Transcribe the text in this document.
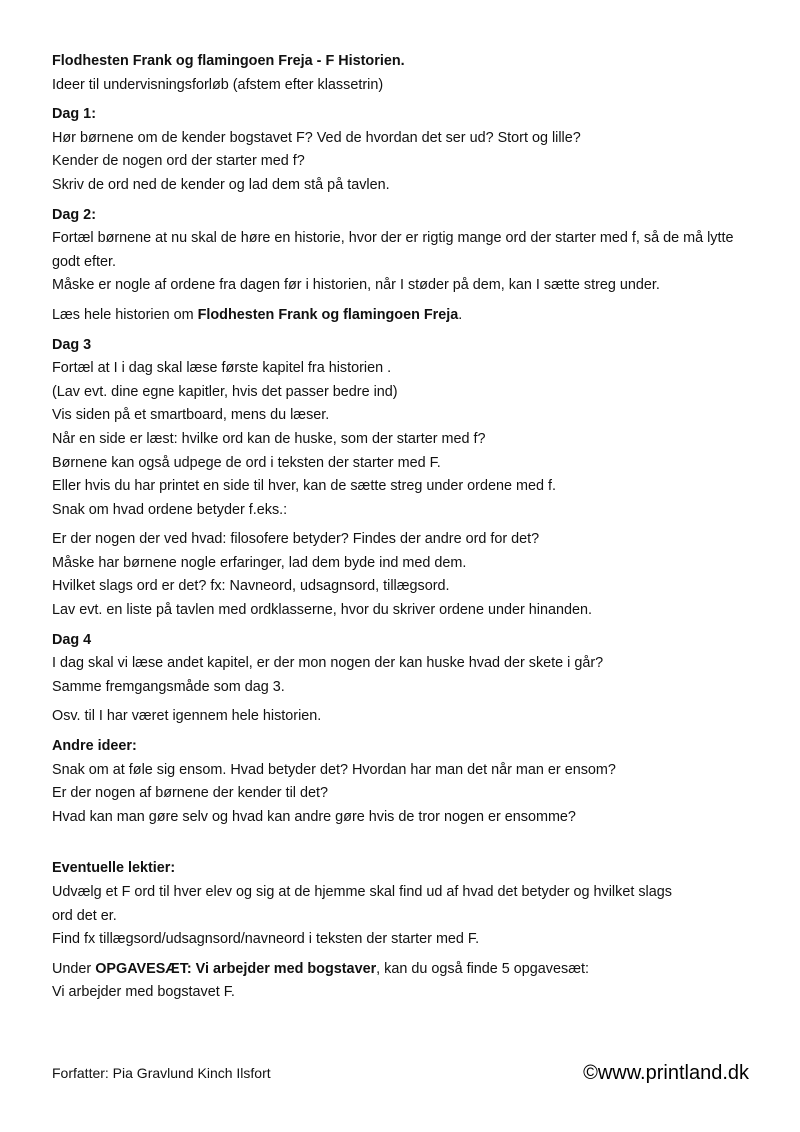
Flodhesten Frank og flamingoen Freja - F Historien.

Ideer til undervisningsforløb (afstem efter klassetrin)

Dag 1:

Hør børnene om de kender bogstavet F? Ved de hvordan det ser ud? Stort og lille?

Kender de nogen ord der starter med f?

Skriv de ord ned de kender og lad dem stå på tavlen.

Dag 2:

Fortæl børnene at nu skal de høre en historie, hvor der er rigtig mange ord der starter med f, så de må lytte godt efter.

Måske er nogle af ordene fra dagen før i historien, når I støder på dem, kan I sætte streg under.

Læs hele historien om Flodhesten Frank og flamingoen Freja.

Dag 3

Fortæl at I i dag skal læse første kapitel fra historien .

(Lav evt. dine egne kapitler, hvis det passer bedre ind)

Vis siden på et smartboard, mens du læser.

Når en side er læst: hvilke ord kan de huske, som der starter med f?

Børnene kan også udpege de ord i teksten der starter med F.

Eller hvis du har printet en side til hver, kan de sætte streg under ordene med f.

Snak om hvad ordene betyder f.eks.:

Er der nogen der ved hvad: filosofere betyder? Findes der andre ord for det?

Måske har børnene nogle erfaringer, lad dem byde ind med dem.

Hvilket slags ord er det? fx: Navneord, udsagnsord, tillægsord.

Lav evt. en liste på tavlen med ordklasserne, hvor du skriver ordene under hinanden.

Dag 4

I dag skal vi læse andet kapitel, er der mon nogen der kan huske hvad der skete i går?

Samme fremgangsmåde som dag 3.

Osv. til I har været igennem hele historien.

Andre ideer:

Snak om at føle sig ensom. Hvad betyder det? Hvordan har man det når man er ensom?

Er der nogen af børnene der kender til det?

Hvad kan man gøre selv og hvad kan andre gøre hvis de tror nogen er ensomme?

Eventuelle lektier:

Udvælg et F ord til hver elev og sig at de hjemme skal find ud af hvad det betyder og hvilket slags

ord det er.

Find fx tillægsord/udsagnsord/navneord i teksten der starter med F.

Under OPGAVESÆT: Vi arbejder med bogstaver, kan du også finde 5 opgavesæt:

Vi arbejder med bogstavet F.

Forfatter: Pia Gravlund Kinch Ilsfort	©www.printland.dk
